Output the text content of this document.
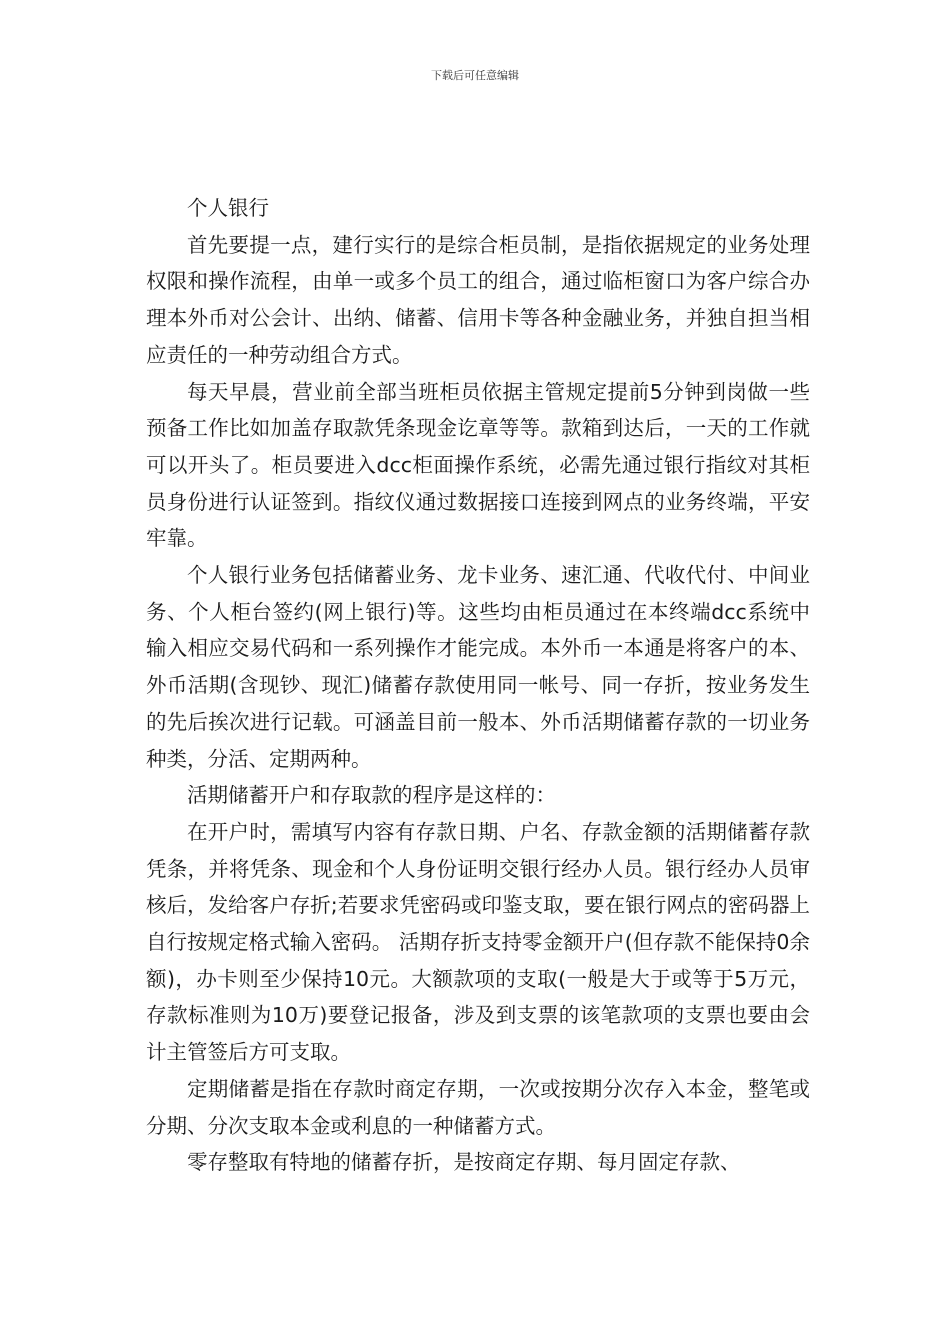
下载后可任意编辑

个人银行

首先要提一点，建行实行的是综合柜员制，是指依据规定的业务处理权限和操作流程，由单一或多个员工的组合，通过临柜窗口为客户综合办理本外币对公会计、出纳、储蓄、信用卡等各种金融业务，并独自担当相应责任的一种劳动组合方式。

每天早晨，营业前全部当班柜员依据主管规定提前5分钟到岗做一些预备工作比如加盖存取款凭条现金讫章等等。款箱到达后，一天的工作就可以开头了。柜员要进入dcc柜面操作系统，必需先通过银行指纹对其柜员身份进行认证签到。指纹仪通过数据接口连接到网点的业务终端，平安牢靠。

个人银行业务包括储蓄业务、龙卡业务、速汇通、代收代付、中间业务、个人柜台签约(网上银行)等。这些均由柜员通过在本终端dcc系统中输入相应交易代码和一系列操作才能完成。本外币一本通是将客户的本、外币活期(含现钞、现汇)储蓄存款使用同一帐号、同一存折，按业务发生的先后挨次进行记载。可涵盖目前一般本、外币活期储蓄存款的一切业务种类，分活、定期两种。

活期储蓄开户和存取款的程序是这样的：

在开户时，需填写内容有存款日期、户名、存款金额的活期储蓄存款凭条，并将凭条、现金和个人身份证明交银行经办人员。银行经办人员审核后，发给客户存折;若要求凭密码或印鉴支取，要在银行网点的密码器上自行按规定格式输入密码。 活期存折支持零金额开户(但存款不能保持0余额)，办卡则至少保持10元。大额款项的支取(一般是大于或等于5万元，存款标准则为10万)要登记报备，涉及到支票的该笔款项的支票也要由会计主管签后方可支取。

定期储蓄是指在存款时商定存期，一次或按期分次存入本金，整笔或分期、分次支取本金或利息的一种储蓄方式。

零存整取有特地的储蓄存折，是按商定存期、每月固定存款、
